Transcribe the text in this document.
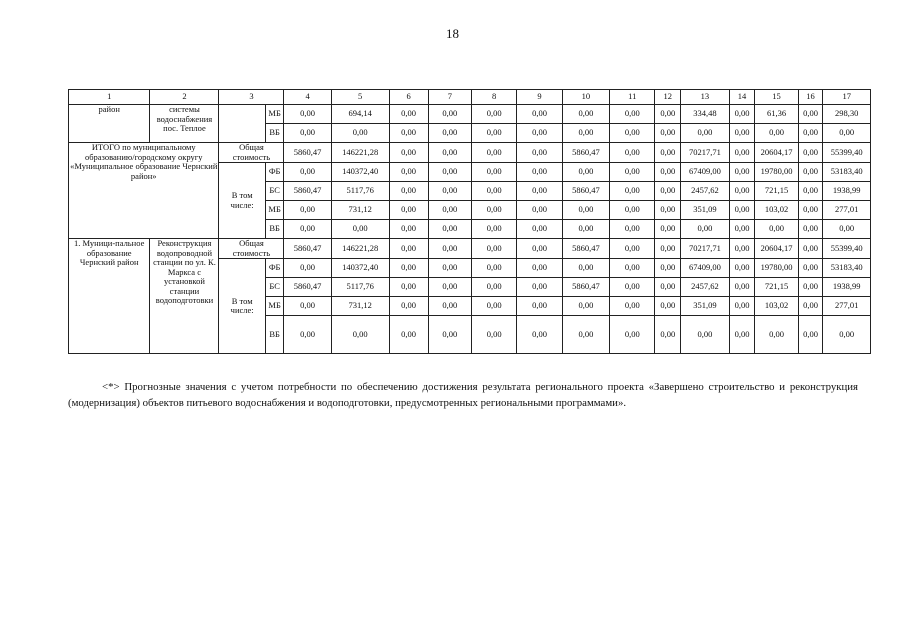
18
1	2	3		4	5	6	7	8	9	10	11	12	13	14	15	16	17
район	системы водоснабжения пос. Теплое		МБ	0,00	694,14	0,00	0,00	0,00	0,00	0,00	0,00	0,00	334,48	0,00	61,36	0,00	298,30
			ВБ	0,00	0,00	0,00	0,00	0,00	0,00	0,00	0,00	0,00	0,00	0,00	0,00	0,00	0,00
ИТОГО по муниципальному образованию/городскому округу «Муниципальное образование Чернский район»		Общая стоимость		5860,47	146221,28	0,00	0,00	0,00	0,00	5860,47	0,00	0,00	70217,71	0,00	20604,17	0,00	55399,40
		В том числе:	ФБ	0,00	140372,40	0,00	0,00	0,00	0,00	0,00	0,00	0,00	67409,00	0,00	19780,00	0,00	53183,40
			БС	5860,47	5117,76	0,00	0,00	0,00	0,00	5860,47	0,00	0,00	2457,62	0,00	721,15	0,00	1938,99
			МБ	0,00	731,12	0,00	0,00	0,00	0,00	0,00	0,00	0,00	351,09	0,00	103,02	0,00	277,01
			ВБ	0,00	0,00	0,00	0,00	0,00	0,00	0,00	0,00	0,00	0,00	0,00	0,00	0,00	0,00
1. Муници-пальное образование Чернский район	Реконструкция водопроводной станции по ул. К. Маркса с установкой станции водоподготовки	Общая стоимость		5860,47	146221,28	0,00	0,00	0,00	0,00	5860,47	0,00	0,00	70217,71	0,00	20604,17	0,00	55399,40
		В том числе:	ФБ	0,00	140372,40	0,00	0,00	0,00	0,00	0,00	0,00	0,00	67409,00	0,00	19780,00	0,00	53183,40
			БС	5860,47	5117,76	0,00	0,00	0,00	0,00	5860,47	0,00	0,00	2457,62	0,00	721,15	0,00	1938,99
			МБ	0,00	731,12	0,00	0,00	0,00	0,00	0,00	0,00	0,00	351,09	0,00	103,02	0,00	277,01
			ВБ	0,00	0,00	0,00	0,00	0,00	0,00	0,00	0,00	0,00	0,00	0,00	0,00	0,00	0,00
<*> Прогнозные значения с учетом потребности по обеспечению достижения результата регионального проекта «Завершено строительство и реконструкция (модернизация) объектов питьевого водоснабжения и водоподготовки, предусмотренных региональными программами».
